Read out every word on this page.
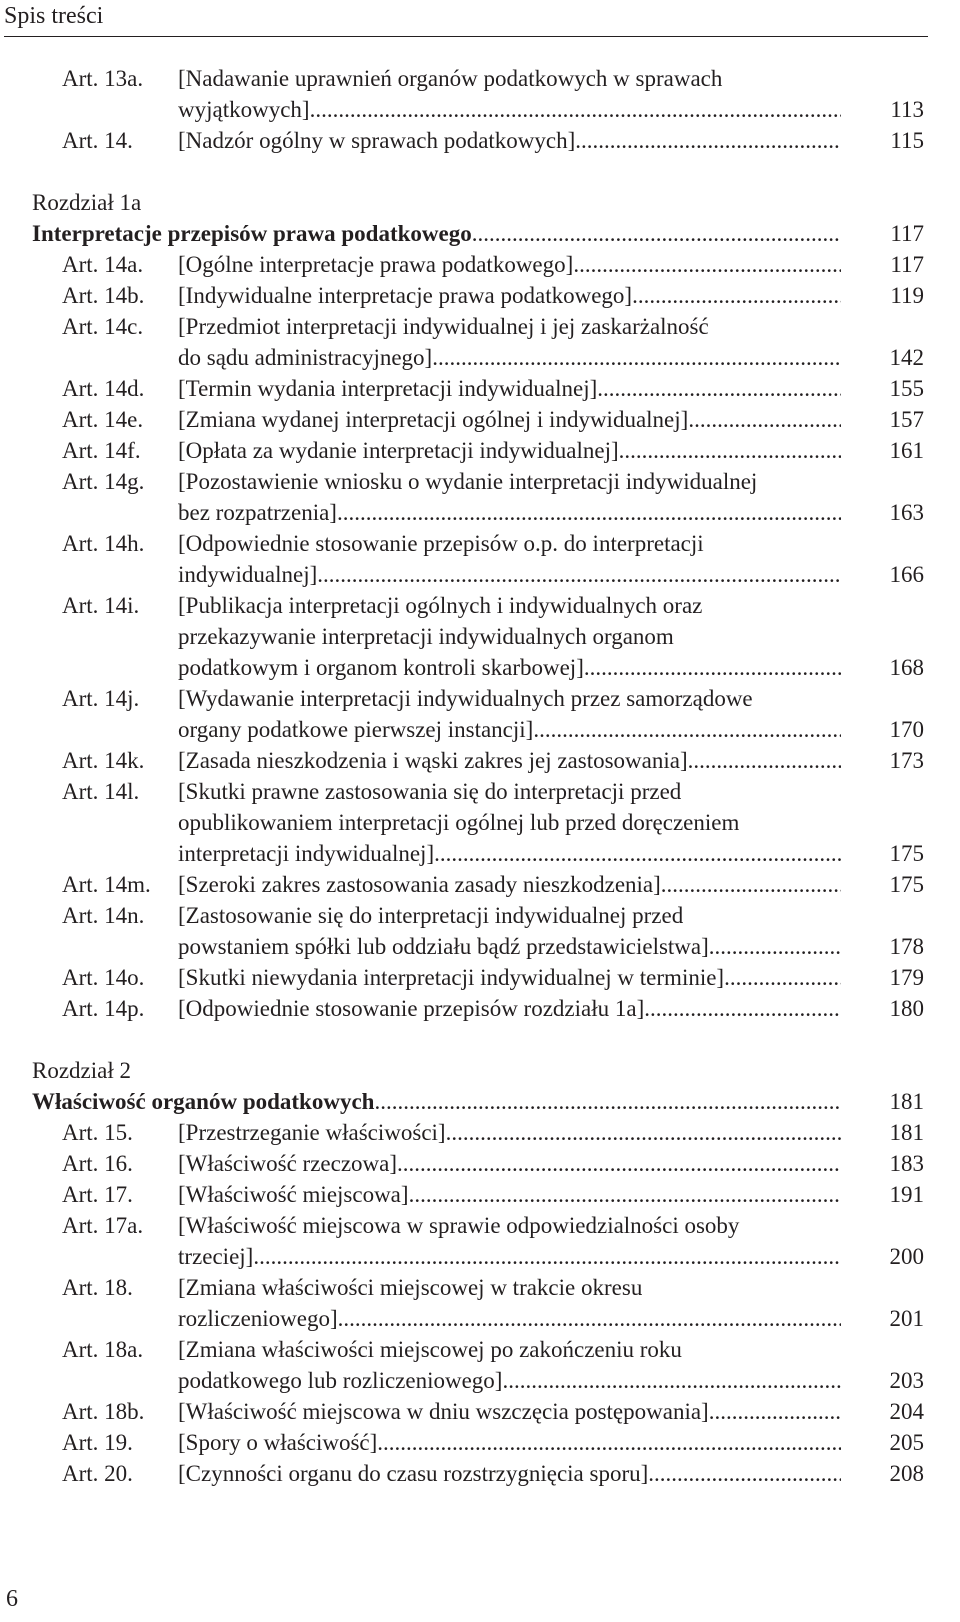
Spis treści
Art. 13a. [Nadawanie uprawnień organów podatkowych w sprawach
wyjątkowych] .....	113
Art. 14. [Nadzór ogólny w sprawach podatkowych] .....	115
Rozdział 1a
Interpretacje przepisów prawa podatkowego .....	117
Art. 14a. [Ogólne interpretacje prawa podatkowego] .....	117
Art. 14b. [Indywidualne interpretacje prawa podatkowego] .....	119
Art. 14c. [Przedmiot interpretacji indywidualnej i jej zaskarżalność
do sądu administracyjnego] .....	142
Art. 14d. [Termin wydania interpretacji indywidualnej] .....	155
Art. 14e. [Zmiana wydanej interpretacji ogólnej i indywidualnej] .....	157
Art. 14f. [Opłata za wydanie interpretacji indywidualnej] .....	161
Art. 14g. [Pozostawienie wniosku o wydanie interpretacji indywidualnej
bez rozpatrzenia] .....	163
Art. 14h. [Odpowiednie stosowanie przepisów o.p. do interpretacji
indywidualnej] .....	166
Art. 14i. [Publikacja interpretacji ogólnych i indywidualnych oraz
przekazywanie interpretacji indywidualnych organom
podatkowym i organom kontroli skarbowej] .....	168
Art. 14j. [Wydawanie interpretacji indywidualnych przez samorządowe
organy podatkowe pierwszej instancji] .....	170
Art. 14k. [Zasada nieszkodzenia i wąski zakres jej zastosowania] .....	173
Art. 14l. [Skutki prawne zastosowania się do interpretacji przed
opublikowaniem interpretacji ogólnej lub przed doręczeniem
interpretacji indywidualnej] .....	175
Art. 14m. [Szeroki zakres zastosowania zasady nieszkodzenia] .....	175
Art. 14n. [Zastosowanie się do interpretacji indywidualnej przed
powstaniem spółki lub oddziału bądź przedstawicielstwa] .....	178
Art. 14o. [Skutki niewydania interpretacji indywidualnej w terminie] .....	179
Art. 14p. [Odpowiednie stosowanie przepisów rozdziału 1a] .....	180
Rozdział 2
Właściwość organów podatkowych .....	181
Art. 15. [Przestrzeganie właściwości] .....	181
Art. 16. [Właściwość rzeczowa] .....	183
Art. 17. [Właściwość miejscowa] .....	191
Art. 17a. [Właściwość miejscowa w sprawie odpowiedzialności osoby
trzeciej] .....	200
Art. 18. [Zmiana właściwości miejscowej w trakcie okresu
rozliczeniowego] .....	201
Art. 18a. [Zmiana właściwości miejscowej po zakończeniu roku
podatkowego lub rozliczeniowego] .....	203
Art. 18b. [Właściwość miejscowa w dniu wszczęcia postępowania] .....	204
Art. 19. [Spory o właściwość] .....	205
Art. 20. [Czynności organu do czasu rozstrzygnięcia sporu] .....	208
6
